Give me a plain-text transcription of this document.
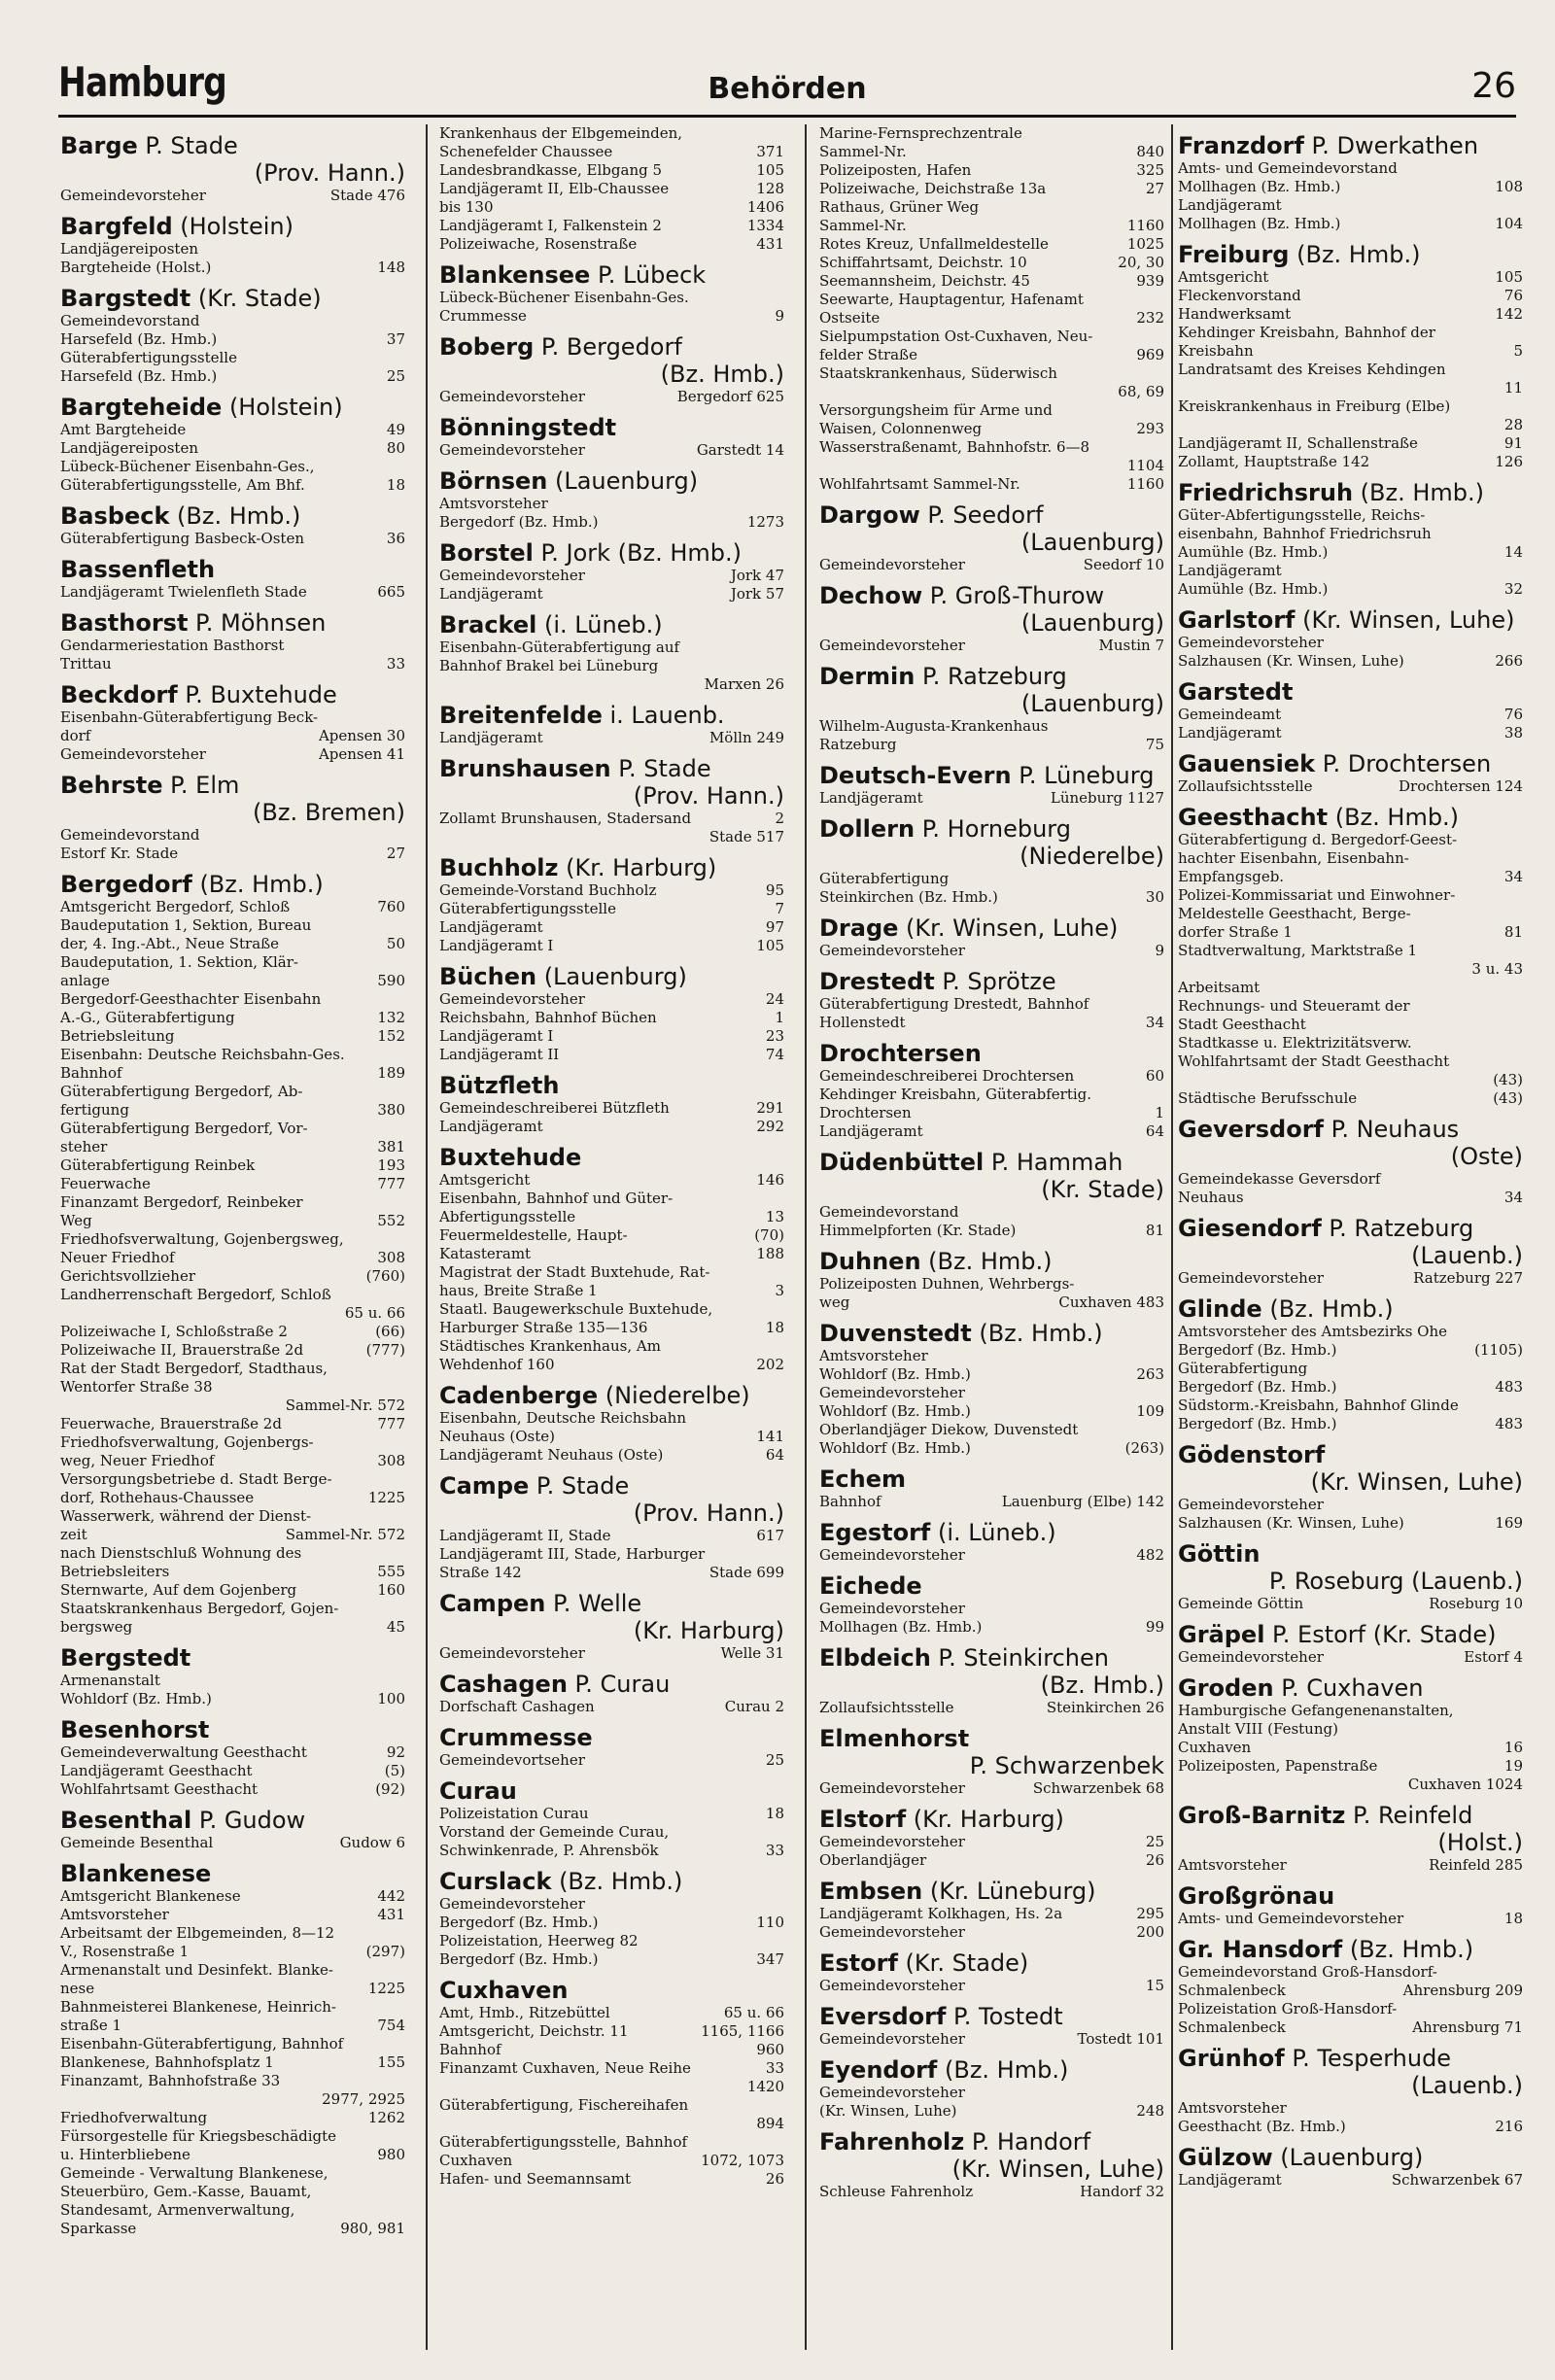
Hamburg	Behörden	26
Barge P. Stade
(Prov. Hann.)
Gemeindevorsteher	Stade 476
Bargfeld (Holstein)
Landjägereiposten
Bargteheide (Holst.)	148
Bargstedt (Kr. Stade)
Gemeindevorstand
Harsefeld (Bz. Hmb.)	37
Güterabfertigungsstelle
Harsefeld (Bz. Hmb.)	25
Bargteheide (Holstein)
Amt Bargteheide	49
Landjägereiposten	80
Lübeck-Büchener Eisenbahn-Ges.,
Güterabfertigungsstelle, Am Bhf.	18
Basbeck (Bz. Hmb.)
Güterabfertigung Basbeck-Osten	36
Bassenfleth
Landjägeramt Twielenfleth Stade	665
Basthorst P. Möhnsen
Gendarmeriestation Basthorst
Trittau	33
Beckdorf P. Buxtehude
Eisenbahn-Güterabfertigung Beck-
dorf	Apensen 30
Gemeindevorsteher	Apensen 41
Behrste P. Elm
(Bz. Bremen)
Gemeindevorstand
Estorf Kr. Stade	27
Bergedorf (Bz. Hmb.)
Amtsgericht Bergedorf, Schloß	760
Baudeputation 1, Sektion, Bureau
der, 4. Ing.-Abt., Neue Straße	50
Baudeputation, 1. Sektion, Klär-
anlage	590
Bergedorf-Geesthachter Eisenbahn
A.-G., Güterabfertigung	132
Betriebsleitung	152
Eisenbahn: Deutsche Reichsbahn-Ges.
Bahnhof	189
Güterabfertigung Bergedorf, Ab-
fertigung	380
Güterabfertigung Bergedorf, Vor-
steher	381
Güterabfertigung Reinbek	193
Feuerwache	777
Finanzamt Bergedorf, Reinbeker
Weg	552
Friedhofsverwaltung, Gojenbergsweg,
Neuer Friedhof	308
Gerichtsvollzieher	(760)
Landherrenschaft Bergedorf, Schloß
65 u. 66
Polizeiwache I, Schloßstraße 2	(66)
Polizeiwache II, Brauerstraße 2d	(777)
Rat der Stadt Bergedorf, Stadthaus,
Wentorfer Straße 38
Sammel-Nr. 572
Feuerwache, Brauerstraße 2d	777
Friedhofsverwaltung, Gojenbergs-
weg, Neuer Friedhof	308
Versorgungsbetriebe d. Stadt Berge-
dorf, Rothehaus-Chaussee	1225
Wasserwerk, während der Dienst-
zeit	Sammel-Nr. 572
nach Dienstschluß Wohnung des
Betriebsleiters	555
Sternwarte, Auf dem Gojenberg	160
Staatskrankenhaus Bergedorf, Gojen-
bergsweg	45
Bergstedt
Armenanstalt
Wohldorf (Bz. Hmb.)	100
Besenhorst
Gemeindeverwaltung Geesthacht	92
Landjägeramt Geesthacht	(5)
Wohlfahrtsamt Geesthacht	(92)
Besenthal P. Gudow
Gemeinde Besenthal	Gudow 6
Blankenese
Amtsgericht Blankenese	442
Amtsvorsteher	431
Arbeitsamt der Elbgemeinden, 8—12
V., Rosenstraße 1	(297)
Armenanstalt und Desinfekt. Blanke-
nese	1225
Bahnmeisterei Blankenese, Heinrich-
straße 1	754
Eisenbahn-Güterabfertigung, Bahnhof
Blankenese, Bahnhofsplatz 1	155
Finanzamt, Bahnhofstraße 33
2977, 2925
Friedhofverwaltung	1262
Fürsorgestelle für Kriegsbeschädigte
u. Hinterbliebene	980
Gemeinde - Verwaltung Blankenese,
Steuerbüro, Gem.-Kasse, Bauamt,
Standesamt, Armenverwaltung,
Sparkasse	980, 981
Krankenhaus der Elbgemeinden,
Schenefelder Chaussee	371
Landesbrandkasse, Elbgang 5	105
Landjägeramt II, Elb-Chaussee	128
bis 130	1406
Landjägeramt I, Falkenstein 2	1334
Polizeiwache, Rosenstraße	431
Blankensee P. Lübeck
Lübeck-Büchener Eisenbahn-Ges.
Crummesse	9
Boberg P. Bergedorf
(Bz. Hmb.)
Gemeindevorsteher	Bergedorf 625
Bönningstedt
Gemeindevorsteher	Garstedt 14
Börnsen (Lauenburg)
Amtsvorsteher
Bergedorf (Bz. Hmb.)	1273
Borstel P. Jork (Bz. Hmb.)
Gemeindevorsteher	Jork 47
Landjägeramt	Jork 57
Brackel (i. Lüneb.)
Eisenbahn-Güterabfertigung auf
Bahnhof Brakel bei Lüneburg
Marxen 26
Breitenfelde i. Lauenb.
Landjägeramt	Mölln 249
Brunshausen P. Stade
(Prov. Hann.)
Zollamt Brunshausen, Stadersand	2
Stade 517
Buchholz (Kr. Harburg)
Gemeinde-Vorstand Buchholz	95
Güterabfertigungsstelle	7
Landjägeramt	97
Landjägeramt I	105
Büchen (Lauenburg)
Gemeindevorsteher	24
Reichsbahn, Bahnhof Büchen	1
Landjägeramt I	23
Landjägeramt II	74
Bützfleth
Gemeindeschreiberei Bützfleth	291
Landjägeramt	292
Buxtehude
Amtsgericht	146
Eisenbahn, Bahnhof und Güter-
Abfertigungsstelle	13
Feuermeldestelle, Haupt-	(70)
Katasteramt	188
Magistrat der Stadt Buxtehude, Rat-
haus, Breite Straße 1	3
Staatl. Baugewerkschule Buxtehude,
Harburger Straße 135—136	18
Städtisches Krankenhaus, Am
Wehdenhof 160	202
Cadenberge (Niederelbe)
Eisenbahn, Deutsche Reichsbahn
Neuhaus (Oste)	141
Landjägeramt Neuhaus (Oste)	64
Campe P. Stade
(Prov. Hann.)
Landjägeramt II, Stade	617
Landjägeramt III, Stade, Harburger
Straße 142	Stade 699
Campen P. Welle
(Kr. Harburg)
Gemeindevorsteher	Welle 31
Cashagen P. Curau
Dorfschaft Cashagen	Curau 2
Crummesse
Gemeindevortseher	25
Curau
Polizeistation Curau	18
Vorstand der Gemeinde Curau,
Schwinkenrade, P. Ahrensbök	33
Curslack (Bz. Hmb.)
Gemeindevorsteher
Bergedorf (Bz. Hmb.)	110
Polizeistation, Heerweg 82
Bergedorf (Bz. Hmb.)	347
Cuxhaven
Amt, Hmb., Ritzebüttel	65 u. 66
Amtsgericht, Deichstr. 11	1165, 1166
Bahnhof	960
Finanzamt Cuxhaven, Neue Reihe	33
1420
Güterabfertigung, Fischereihafen
894
Güterabfertigungsstelle, Bahnhof
Cuxhaven	1072, 1073
Hafen- und Seemannsamt	26
Marine-Fernsprechzentrale
Sammel-Nr.	840
Polizeiposten, Hafen	325
Polizeiwache, Deichstraße 13a	27
Rathaus, Grüner Weg
Sammel-Nr.	1160
Rotes Kreuz, Unfallmeldestelle	1025
Schiffahrtsamt, Deichstr. 10	20, 30
Seemannsheim, Deichstr. 45	939
Seewarte, Hauptagentur, Hafenamt
Ostseite	232
Sielpumpstation Ost-Cuxhaven, Neu-
felder Straße	969
Staatskrankenhaus, Süderwisch
68, 69
Versorgungsheim für Arme und
Waisen, Colonnenweg	293
Wasserstraßenamt, Bahnhofstr. 6—8
1104
Wohlfahrtsamt Sammel-Nr.	1160
Dargow P. Seedorf
(Lauenburg)
Gemeindevorsteher	Seedorf 10
Dechow P. Groß-Thurow
(Lauenburg)
Gemeindevorsteher	Mustin 7
Dermin P. Ratzeburg
(Lauenburg)
Wilhelm-Augusta-Krankenhaus
Ratzeburg	75
Deutsch-Evern P. Lüneburg
Landjägeramt	Lüneburg 1127
Dollern P. Horneburg
(Niederelbe)
Güterabfertigung
Steinkirchen (Bz. Hmb.)	30
Drage (Kr. Winsen, Luhe)
Gemeindevorsteher	9
Drestedt P. Sprötze
Güterabfertigung Drestedt, Bahnhof
Hollenstedt	34
Drochtersen
Gemeindeschreiberei Drochtersen	60
Kehdinger Kreisbahn, Güterabfertig.
Drochtersen	1
Landjägeramt	64
Düdenbüttel P. Hammah
(Kr. Stade)
Gemeindevorstand
Himmelpforten (Kr. Stade)	81
Duhnen (Bz. Hmb.)
Polizeiposten Duhnen, Wehrbergs-
weg	Cuxhaven 483
Duvenstedt (Bz. Hmb.)
Amtsvorsteher
Wohldorf (Bz. Hmb.)	263
Gemeindevorsteher
Wohldorf (Bz. Hmb.)	109
Oberlandjäger Diekow, Duvenstedt
Wohldorf (Bz. Hmb.)	(263)
Echem
Bahnhof	Lauenburg (Elbe) 142
Egestorf (i. Lüneb.)
Gemeindevorsteher	482
Eichede
Gemeindevorsteher
Mollhagen (Bz. Hmb.)	99
Elbdeich P. Steinkirchen
(Bz. Hmb.)
Zollaufsichtsstelle	Steinkirchen 26
Elmenhorst
P. Schwarzenbek
Gemeindevorsteher	Schwarzenbek 68
Elstorf (Kr. Harburg)
Gemeindevorsteher	25
Oberlandjäger	26
Embsen (Kr. Lüneburg)
Landjägeramt Kolkhagen, Hs. 2a	295
Gemeindevorsteher	200
Estorf (Kr. Stade)
Gemeindevorsteher	15
Eversdorf P. Tostedt
Gemeindevorsteher	Tostedt 101
Eyendorf (Bz. Hmb.)
Gemeindevorsteher
(Kr. Winsen, Luhe)	248
Fahrenholz P. Handorf
(Kr. Winsen, Luhe)
Schleuse Fahrenholz	Handorf 32
Franzdorf P. Dwerkathen
Amts- und Gemeindevorstand
Mollhagen (Bz. Hmb.)	108
Landjägeramt
Mollhagen (Bz. Hmb.)	104
Freiburg (Bz. Hmb.)
Amtsgericht	105
Fleckenvorstand	76
Handwerksamt	142
Kehdinger Kreisbahn, Bahnhof der
Kreisbahn	5
Landratsamt des Kreises Kehdingen
11
Kreiskrankenhaus in Freiburg (Elbe)
28
Landjägeramt II, Schallenstraße	91
Zollamt, Hauptstraße 142	126
Friedrichsruh (Bz. Hmb.)
Güter-Abfertigungsstelle, Reichs-
eisenbahn, Bahnhof Friedrichsruh
Aumühle (Bz. Hmb.)	14
Landjägeramt
Aumühle (Bz. Hmb.)	32
Garlstorf (Kr. Winsen, Luhe)
Gemeindevorsteher
Salzhausen (Kr. Winsen, Luhe)	266
Garstedt
Gemeindeamt	76
Landjägeramt	38
Gauensiek P. Drochtersen
Zollaufsichtsstelle	Drochtersen 124
Geesthacht (Bz. Hmb.)
Güterabfertigung d. Bergedorf-Geest-
hachter Eisenbahn, Eisenbahn-
Empfangsgeb.	34
Polizei-Kommissariat und Einwohner-
Meldestelle Geesthacht, Berge-
dorfer Straße 1	81
Stadtverwaltung, Marktstraße 1
3 u. 43
Arbeitsamt
Rechnungs- und Steueramt der
Stadt Geesthacht
Stadtkasse u. Elektrizitätsverw.
Wohlfahrtsamt der Stadt Geesthacht
(43)
Städtische Berufsschule	(43)
Geversdorf P. Neuhaus
(Oste)
Gemeindekasse Geversdorf
Neuhaus	34
Giesendorf P. Ratzeburg
(Lauenb.)
Gemeindevorsteher	Ratzeburg 227
Glinde (Bz. Hmb.)
Amtsvorsteher des Amtsbezirks Ohe
Bergedorf (Bz. Hmb.)	(1105)
Güterabfertigung
Bergedorf (Bz. Hmb.)	483
Südstorm.-Kreisbahn, Bahnhof Glinde
Bergedorf (Bz. Hmb.)	483
Gödenstorf
(Kr. Winsen, Luhe)
Gemeindevorsteher
Salzhausen (Kr. Winsen, Luhe)	169
Göttin
P. Roseburg (Lauenb.)
Gemeinde Göttin	Roseburg 10
Gräpel P. Estorf (Kr. Stade)
Gemeindevorsteher	Estorf 4
Groden P. Cuxhaven
Hamburgische Gefangenenanstalten,
Anstalt VIII (Festung)
Cuxhaven	16
Polizeiposten, Papenstraße	19
Cuxhaven 1024
Groß-Barnitz P. Reinfeld
(Holst.)
Amtsvorsteher	Reinfeld 285
Großgrönau
Amts- und Gemeindevorsteher	18
Gr. Hansdorf (Bz. Hmb.)
Gemeindevorstand Groß-Hansdorf-
Schmalenbeck	Ahrensburg 209
Polizeistation Groß-Hansdorf-
Schmalenbeck	Ahrensburg 71
Grünhof P. Tesperhude
(Lauenb.)
Amtsvorsteher
Geesthacht (Bz. Hmb.)	216
Gülzow (Lauenburg)
Landjägeramt	Schwarzenbek 67
